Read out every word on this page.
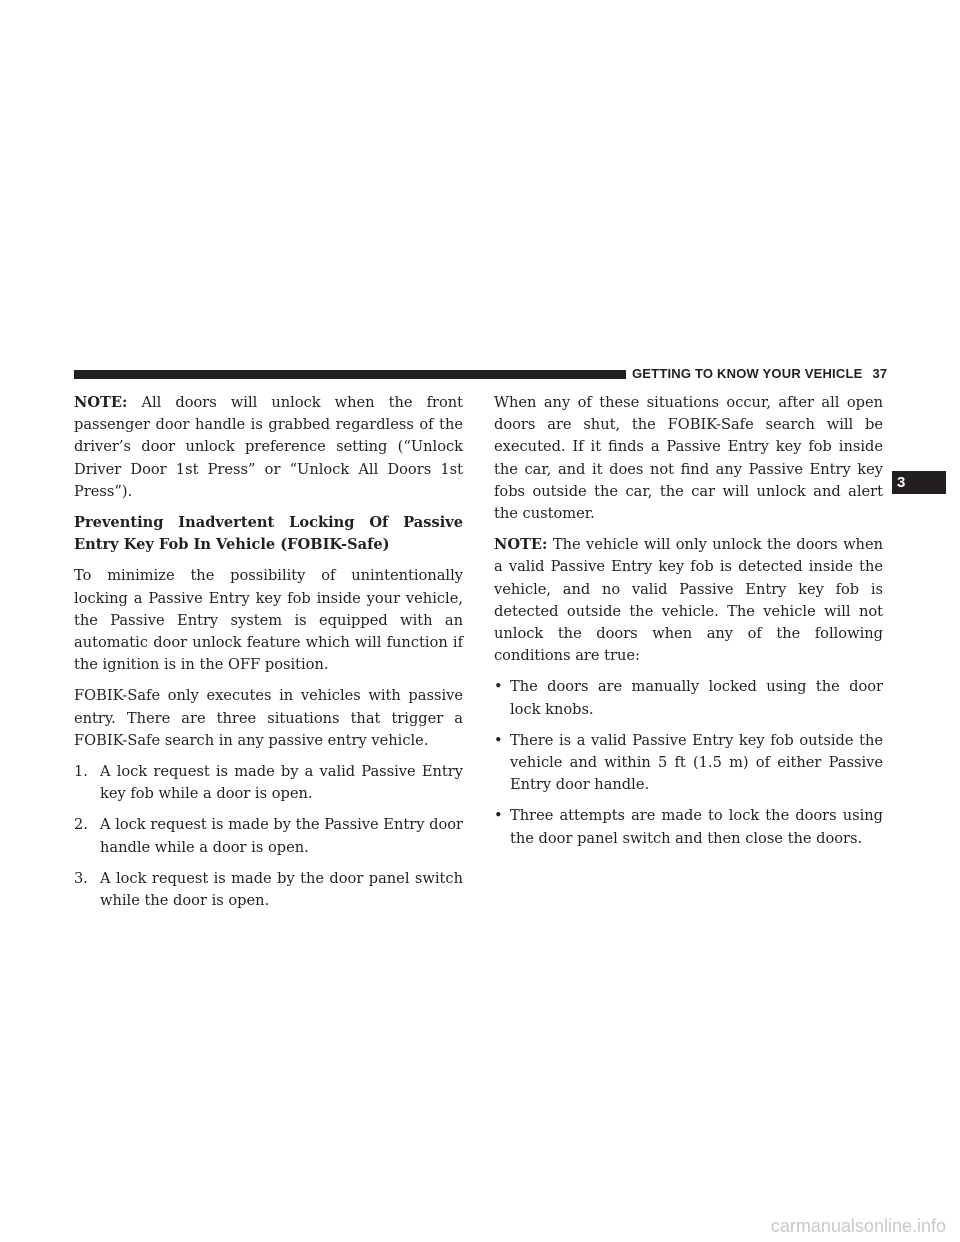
GETTING TO KNOW YOUR VEHICLE 37
3

NOTE: All doors will unlock when the front passenger door handle is grabbed regardless of the driver’s door unlock preference setting (“Unlock Driver Door 1st Press” or “Unlock All Doors 1st Press”).

Preventing Inadvertent Locking Of Passive Entry Key Fob In Vehicle (FOBIK-Safe)

To minimize the possibility of unintentionally locking a Passive Entry key fob inside your vehicle, the Passive Entry system is equipped with an automatic door unlock feature which will function if the ignition is in the OFF position.

FOBIK-Safe only executes in vehicles with passive entry. There are three situations that trigger a FOBIK-Safe search in any passive entry vehicle.

1. A lock request is made by a valid Passive Entry key fob while a door is open.
2. A lock request is made by the Passive Entry door handle while a door is open.
3. A lock request is made by the door panel switch while the door is open.

When any of these situations occur, after all open doors are shut, the FOBIK-Safe search will be executed. If it finds a Passive Entry key fob inside the car, and it does not find any Passive Entry key fobs outside the car, the car will unlock and alert the customer.

NOTE: The vehicle will only unlock the doors when a valid Passive Entry key fob is detected inside the vehicle, and no valid Passive Entry key fob is detected outside the vehicle. The vehicle will not unlock the doors when any of the following conditions are true:

• The doors are manually locked using the door lock knobs.
• There is a valid Passive Entry key fob outside the vehicle and within 5 ft (1.5 m) of either Passive Entry door handle.
• Three attempts are made to lock the doors using the door panel switch and then close the doors.
carmanualsonline.info
